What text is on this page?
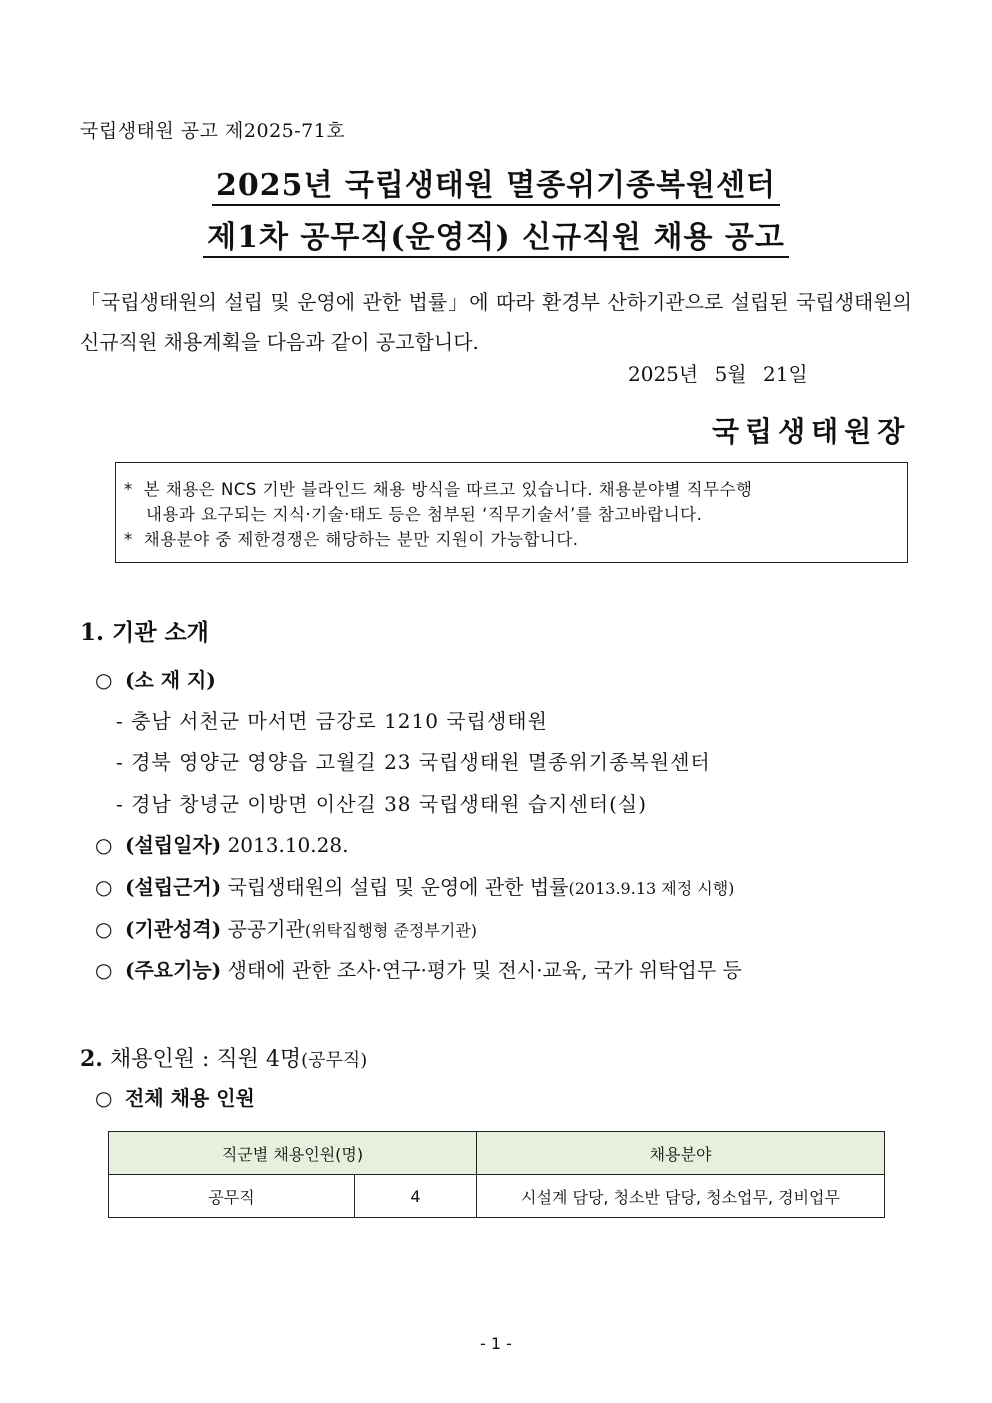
국립생태원 공고 제2025-71호
2025년 국립생태원 멸종위기종복원센터
제1차 공무직(운영직) 신규직원 채용 공고
「국립생태원의 설립 및 운영에 관한 법률」에 따라 환경부 산하기관으로 설립된 국립생태원의 신규직원 채용계획을 다음과 같이 공고합니다.
2025년 5월 21일
국립생태원장
* 본 채용은 NCS 기반 블라인드 채용 방식을 따르고 있습니다. 채용분야별 직무수행
내용과 요구되는 지식·기술·태도 등은 첨부된 ‘직무기술서’를 참고바랍니다.
* 채용분야 중 제한경쟁은 해당하는 분만 지원이 가능합니다.
1. 기관 소개
○ (소 재 지)
- 충남 서천군 마서면 금강로 1210 국립생태원
- 경북 영양군 영양읍 고월길 23 국립생태원 멸종위기종복원센터
- 경남 창녕군 이방면 이산길 38 국립생태원 습지센터(실)
○ (설립일자) 2013.10.28.
○ (설립근거) 국립생태원의 설립 및 운영에 관한 법률(2013.9.13 제정 시행)
○ (기관성격) 공공기관(위탁집행형 준정부기관)
○ (주요기능) 생태에 관한 조사·연구·평가 및 전시·교육, 국가 위탁업무 등
2. 채용인원 : 직원 4명(공무직)
○ 전체 채용 인원
직군별 채용인원(명)		채용분야
공무직	4	시설계 담당, 청소반 담당, 청소업무, 경비업무
- 1 -
